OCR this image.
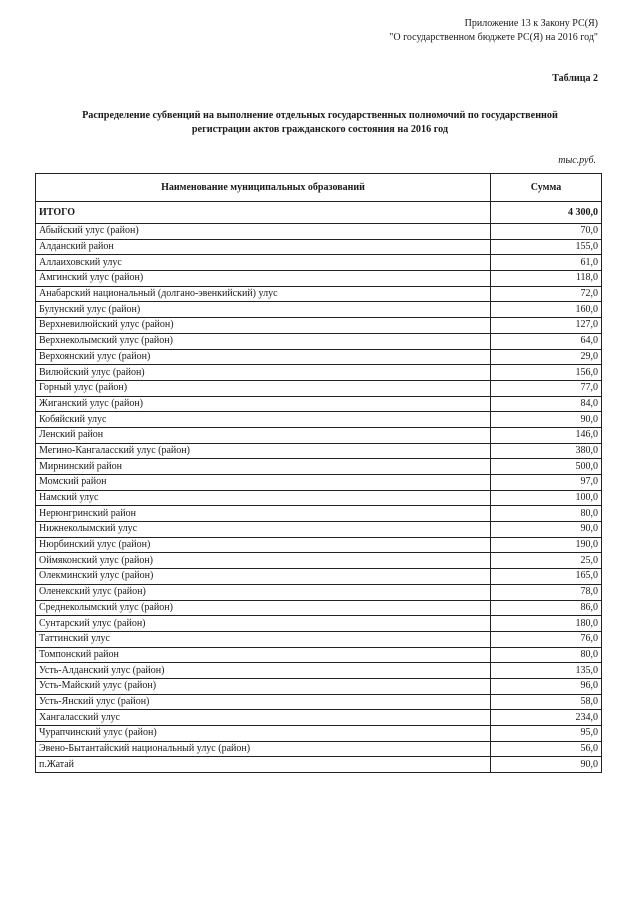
Приложение 13 к Закону РС(Я)
"О государственном бюджете РС(Я) на 2016 год"
Таблица 2
Распределение субвенций на выполнение отдельных государственных полномочий по государственной
регистрации актов гражданского состояния на 2016 год
тыс.руб.
Наименование муниципальных образований	Сумма
ИТОГО	4 300,0
Абыйский улус (район)	70,0
Алданский район	155,0
Аллаиховский улус	61,0
Амгинский улус (район)	118,0
Анабарский национальный (долгано-эвенкийский) улус	72,0
Булунский улус (район)	160,0
Верхневилюйский улус (район)	127,0
Верхнеколымский улус (район)	64,0
Верхоянский улус (район)	29,0
Вилюйский улус (район)	156,0
Горный улус (район)	77,0
Жиганский улус (район)	84,0
Кобяйский улус	90,0
Ленский район	146,0
Мегино-Кангаласский улус (район)	380,0
Мирнинский район	500,0
Момский район	97,0
Намский улус	100,0
Нерюнгринский район	80,0
Нижнеколымский улус	90,0
Нюрбинский улус (район)	190,0
Оймяконский улус (район)	25,0
Олекминский улус (район)	165,0
Оленекский улус (район)	78,0
Среднеколымский улус (район)	86,0
Сунтарский улус (район)	180,0
Таттинский улус	76,0
Томпонский район	80,0
Усть-Алданский улус (район)	135,0
Усть-Майский улус (район)	96,0
Усть-Янский улус (район)	58,0
Хангаласский улус	234,0
Чурапчинский улус (район)	95,0
Эвено-Бытантайский национальный улус (район)	56,0
п.Жатай	90,0
